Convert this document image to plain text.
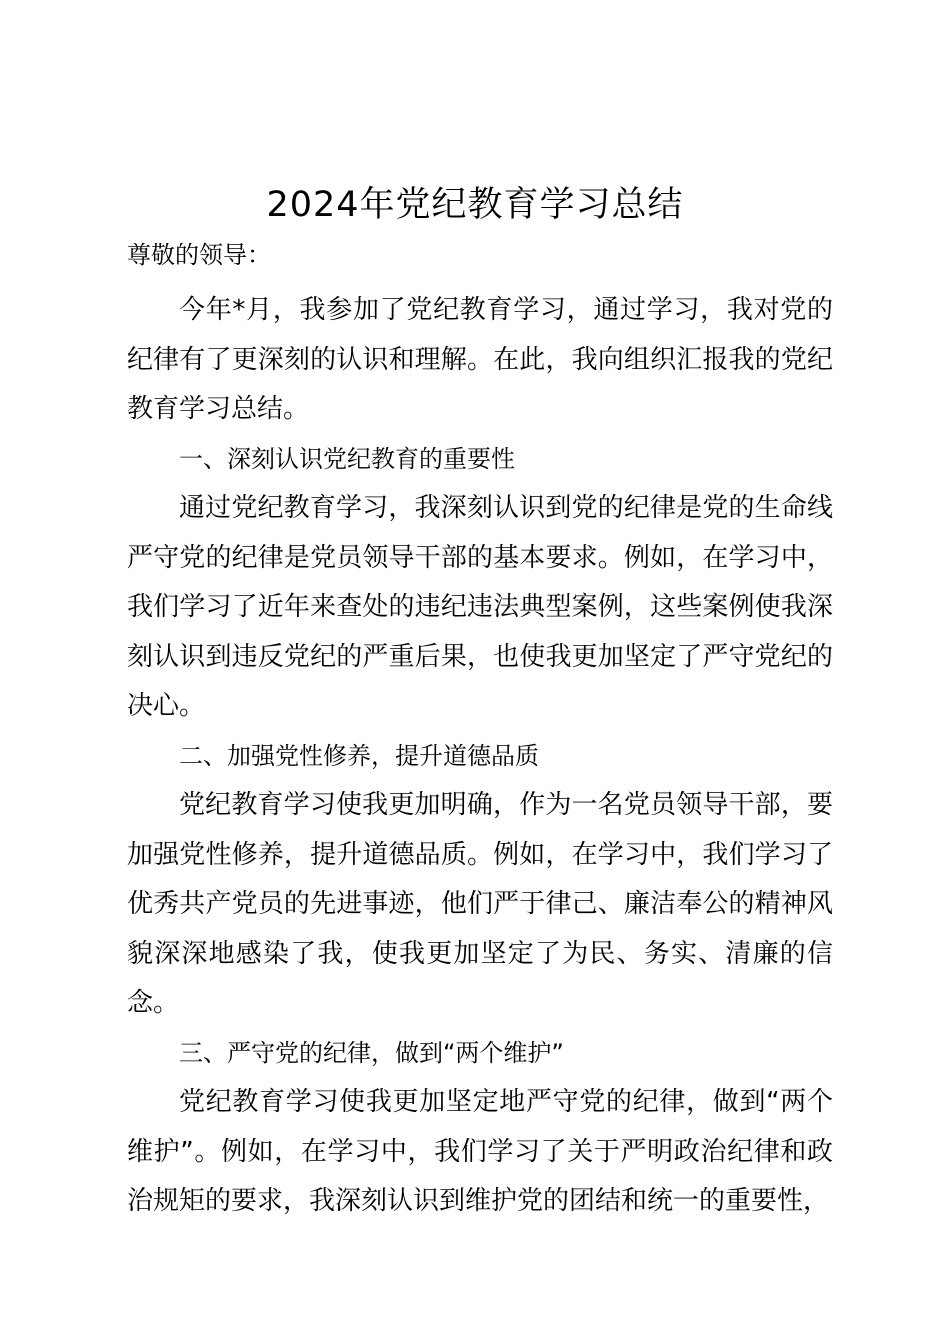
2024年党纪教育学习总结

尊敬的领导：

今年*月，我参加了党纪教育学习，通过学习，我对党的纪律有了更深刻的认识和理解。在此，我向组织汇报我的党纪教育学习总结。

一、深刻认识党纪教育的重要性

通过党纪教育学习，我深刻认识到党的纪律是党的生命线严守党的纪律是党员领导干部的基本要求。例如，在学习中，我们学习了近年来查处的违纪违法典型案例，这些案例使我深刻认识到违反党纪的严重后果，也使我更加坚定了严守党纪的决心。

二、加强党性修养，提升道德品质

党纪教育学习使我更加明确，作为一名党员领导干部，要加强党性修养，提升道德品质。例如，在学习中，我们学习了优秀共产党员的先进事迹，他们严于律己、廉洁奉公的精神风貌深深地感染了我，使我更加坚定了为民、务实、清廉的信念。

三、严守党的纪律，做到“两个维护”

党纪教育学习使我更加坚定地严守党的纪律，做到“两个维护”。例如，在学习中，我们学习了关于严明政治纪律和政治规矩的要求，我深刻认识到维护党的团结和统一的重要性，
